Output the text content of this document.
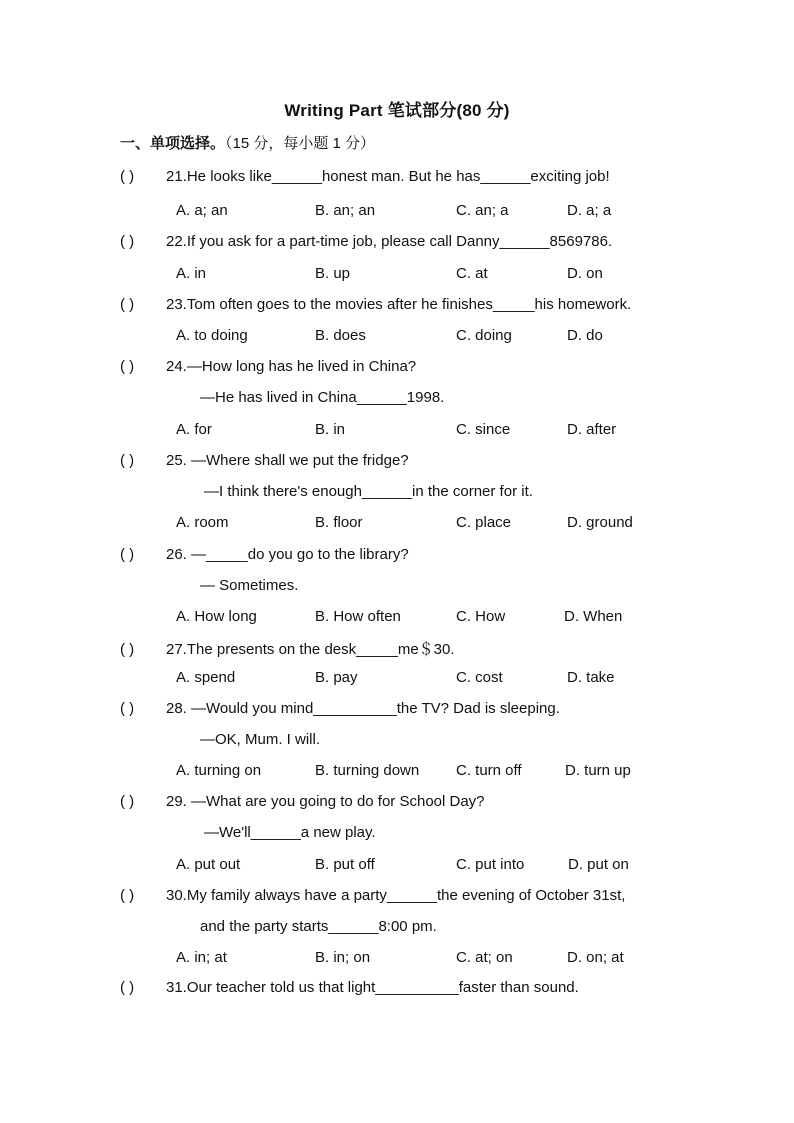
Writing Part 笔试部分(80 分)
一、单项选择。（15 分，每小题 1 分）
( ) 21.He looks like______honest man. But he has______exciting job!
A. a; an	B. an; an	C. an; a	D. a; a
( ) 22.If you ask for a part-time job, please call Danny______8569786.
A. in	B. up	C. at	D. on
( ) 23.Tom often goes to the movies after he finishes_____his homework.
A. to doing	B. does	C. doing	D. do
( ) 24.—How long has he lived in China?
—He has lived in China______1998.
A. for	B. in	C. since	D. after
( ) 25. —Where shall we put the fridge?
—I think there's enough______in the corner for it.
A. room	B. floor	C. place	D. ground
( ) 26. —_____do you go to the library?
— Sometimes.
A. How long	B. How often	C. How	D. When
( ) 27.The presents on the desk_____me＄30.
A. spend	B. pay	C. cost	D. take
( ) 28. —Would you mind__________the TV? Dad is sleeping.
—OK, Mum. I will.
A. turning on	B. turning down C. turn off	D. turn up
( ) 29. —What are you going to do for School Day?
—We'll______a new play.
A. put out	B. put off	C. put into	D. put on
( ) 30.My family always have a party______the evening of October 31st,
and the party starts______8:00 pm.
A. in; at	B. in; on	C. at; on	D. on; at
( ) 31.Our teacher told us that light__________faster than sound.
